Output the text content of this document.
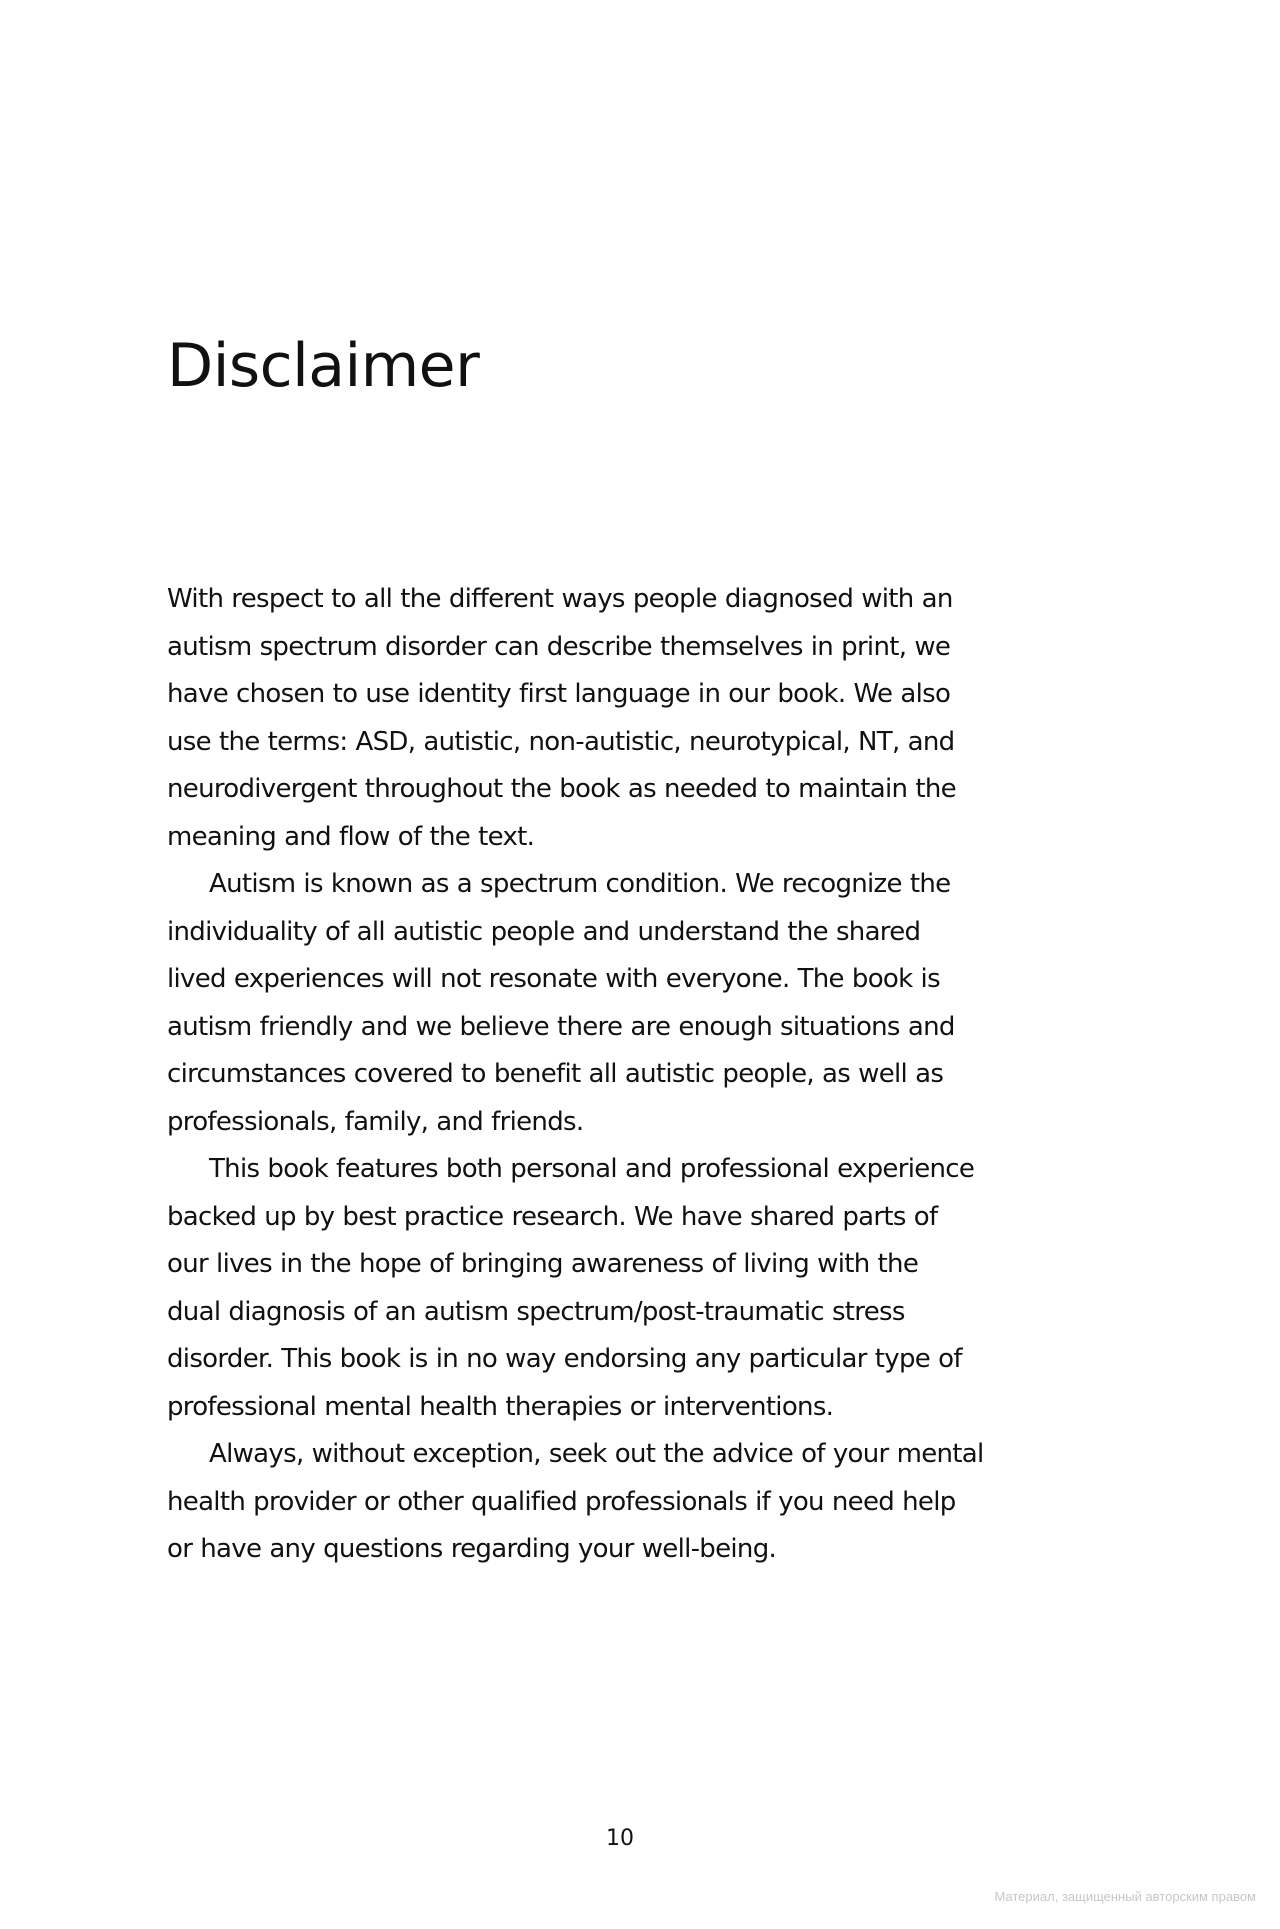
Disclaimer

With respect to all the different ways people diagnosed with an
autism spectrum disorder can describe themselves in print, we
have chosen to use identity first language in our book. We also
use the terms: ASD, autistic, non-autistic, neurotypical, NT, and
neurodivergent throughout the book as needed to maintain the
meaning and flow of the text.

Autism is known as a spectrum condition. We recognize the
individuality of all autistic people and understand the shared
lived experiences will not resonate with everyone. The book is
autism friendly and we believe there are enough situations and
circumstances covered to benefit all autistic people, as well as
professionals, family, and friends.

This book features both personal and professional experience
backed up by best practice research. We have shared parts of
our lives in the hope of bringing awareness of living with the
dual diagnosis of an autism spectrum/post-traumatic stress
disorder. This book is in no way endorsing any particular type of
professional mental health therapies or interventions.

Always, without exception, seek out the advice of your mental
health provider or other qualified professionals if you need help
or have any questions regarding your well-being.

10
Материал, защищенный авторским правом
